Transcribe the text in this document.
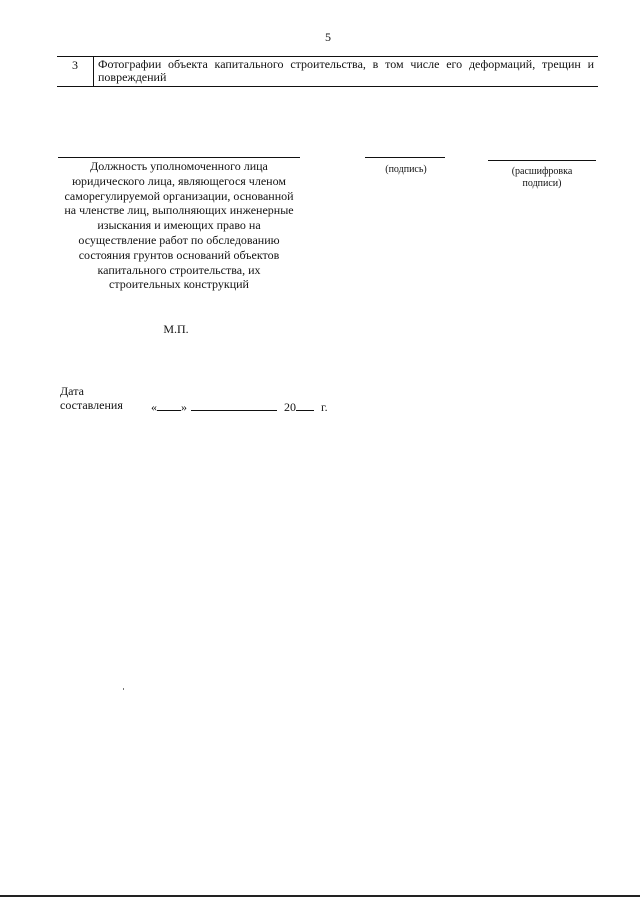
5
3	Фотографии объекта капитального строительства, в том числе его деформаций, трещин и повреждений
Должность уполномоченного лица юридического лица, являющегося членом саморегулируемой организации, основанной на членстве лиц, выполняющих инженерные изыскания и имеющих право на осуществление работ по обследованию состояния грунтов оснований объектов капитального строительства, их строительных конструкций
(подпись)	(расшифровка подписи)
М.П.
Дата
составления « »	20 г.
